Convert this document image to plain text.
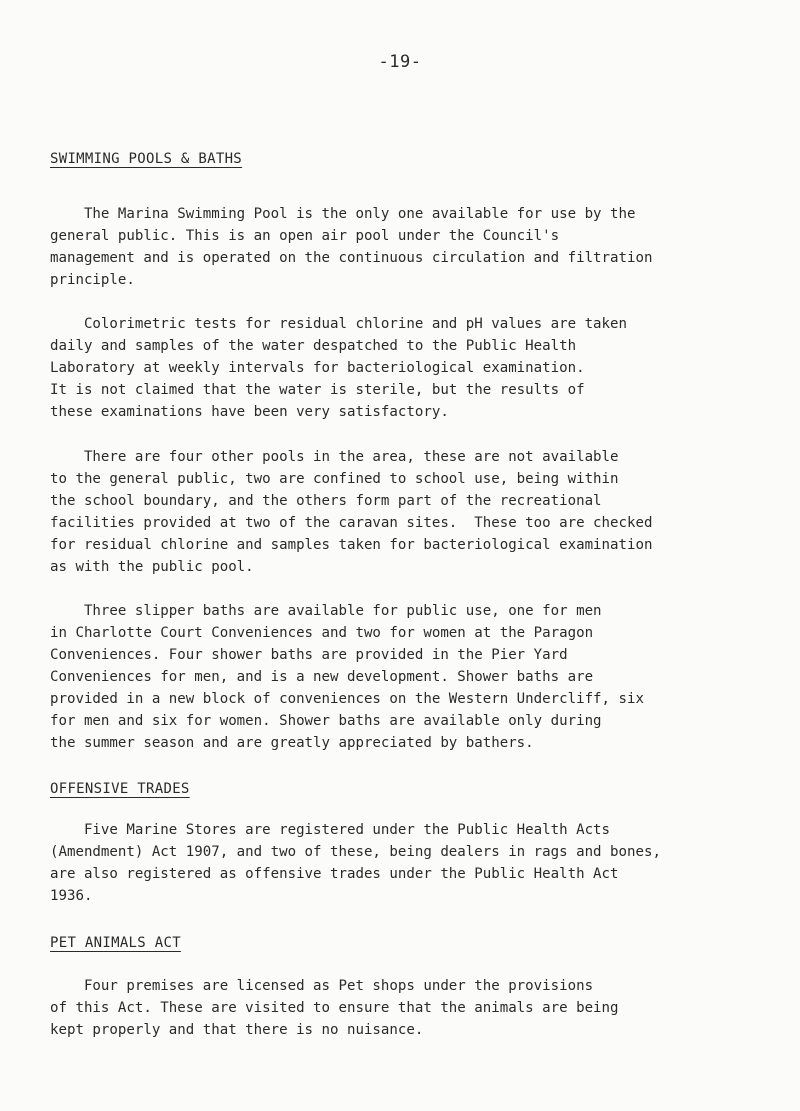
-19-
SWIMMING POOLS & BATHS

The Marina Swimming Pool is the only one available for use by the
general public. This is an open air pool under the Council's
management and is operated on the continuous circulation and filtration
principle.

Colorimetric tests for residual chlorine and pH values are taken
daily and samples of the water despatched to the Public Health
Laboratory at weekly intervals for bacteriological examination.
It is not claimed that the water is sterile, but the results of
these examinations have been very satisfactory.

There are four other pools in the area, these are not available
to the general public, two are confined to school use, being within
the school boundary, and the others form part of the recreational
facilities provided at two of the caravan sites.  These too are checked
for residual chlorine and samples taken for bacteriological examination
as with the public pool.

Three slipper baths are available for public use, one for men
in Charlotte Court Conveniences and two for women at the Paragon
Conveniences. Four shower baths are provided in the Pier Yard
Conveniences for men, and is a new development. Shower baths are
provided in a new block of conveniences on the Western Undercliff, six
for men and six for women. Shower baths are available only during
the summer season and are greatly appreciated by bathers.

OFFENSIVE TRADES

Five Marine Stores are registered under the Public Health Acts
(Amendment) Act 1907, and two of these, being dealers in rags and bones,
are also registered as offensive trades under the Public Health Act
1936.

PET ANIMALS ACT

Four premises are licensed as Pet shops under the provisions
of this Act. These are visited to ensure that the animals are being
kept properly and that there is no nuisance.
